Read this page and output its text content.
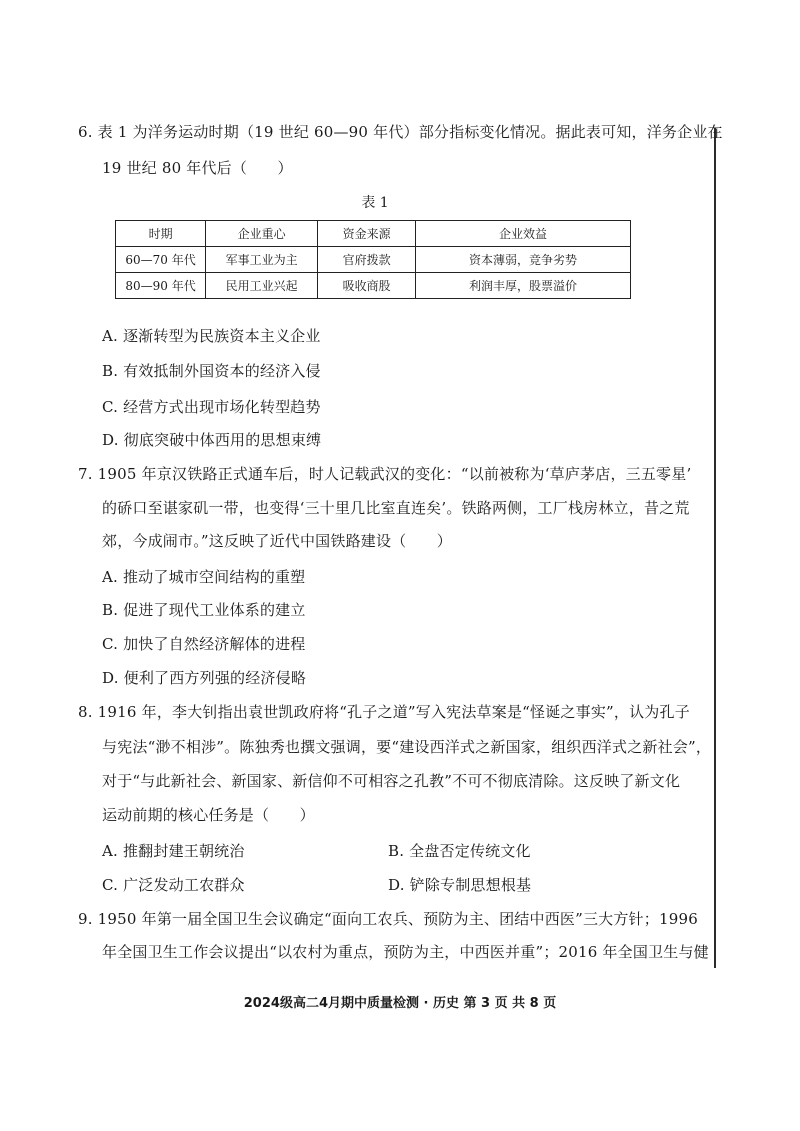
6. 表 1 为洋务运动时期（19 世纪 60—90 年代）部分指标变化情况。据此表可知，洋务企业在
19 世纪 80 年代后（　　）
表 1
时期	企业重心	资金来源	企业效益
60—70 年代	军事工业为主	官府拨款	资本薄弱，竞争劣势
80—90 年代	民用工业兴起	吸收商股	利润丰厚，股票溢价
A. 逐渐转型为民族资本主义企业
B. 有效抵制外国资本的经济入侵
C. 经营方式出现市场化转型趋势
D. 彻底突破中体西用的思想束缚
7. 1905 年京汉铁路正式通车后，时人记载武汉的变化：“以前被称为‘草庐茅店，三五零星’
的硚口至谌家矶一带，也变得‘三十里几比室直连矣’。铁路两侧，工厂栈房林立，昔之荒
郊，今成闹市。”这反映了近代中国铁路建设（　　）
A. 推动了城市空间结构的重塑
B. 促进了现代工业体系的建立
C. 加快了自然经济解体的进程
D. 便利了西方列强的经济侵略
8. 1916 年，李大钊指出袁世凯政府将“孔子之道”写入宪法草案是“怪诞之事实”，认为孔子
与宪法“渺不相涉”。陈独秀也撰文强调，要“建设西洋式之新国家，组织西洋式之新社会”，
对于“与此新社会、新国家、新信仰不可相容之孔教”不可不彻底清除。这反映了新文化
运动前期的核心任务是（　　）
A. 推翻封建王朝统治	B. 全盘否定传统文化
C. 广泛发动工农群众	D. 铲除专制思想根基
9. 1950 年第一届全国卫生会议确定“面向工农兵、预防为主、团结中西医”三大方针；1996
年全国卫生工作会议提出“以农村为重点，预防为主，中西医并重”；2016 年全国卫生与健
2024级高二4月期中质量检测 · 历史 第 3 页 共 8 页
